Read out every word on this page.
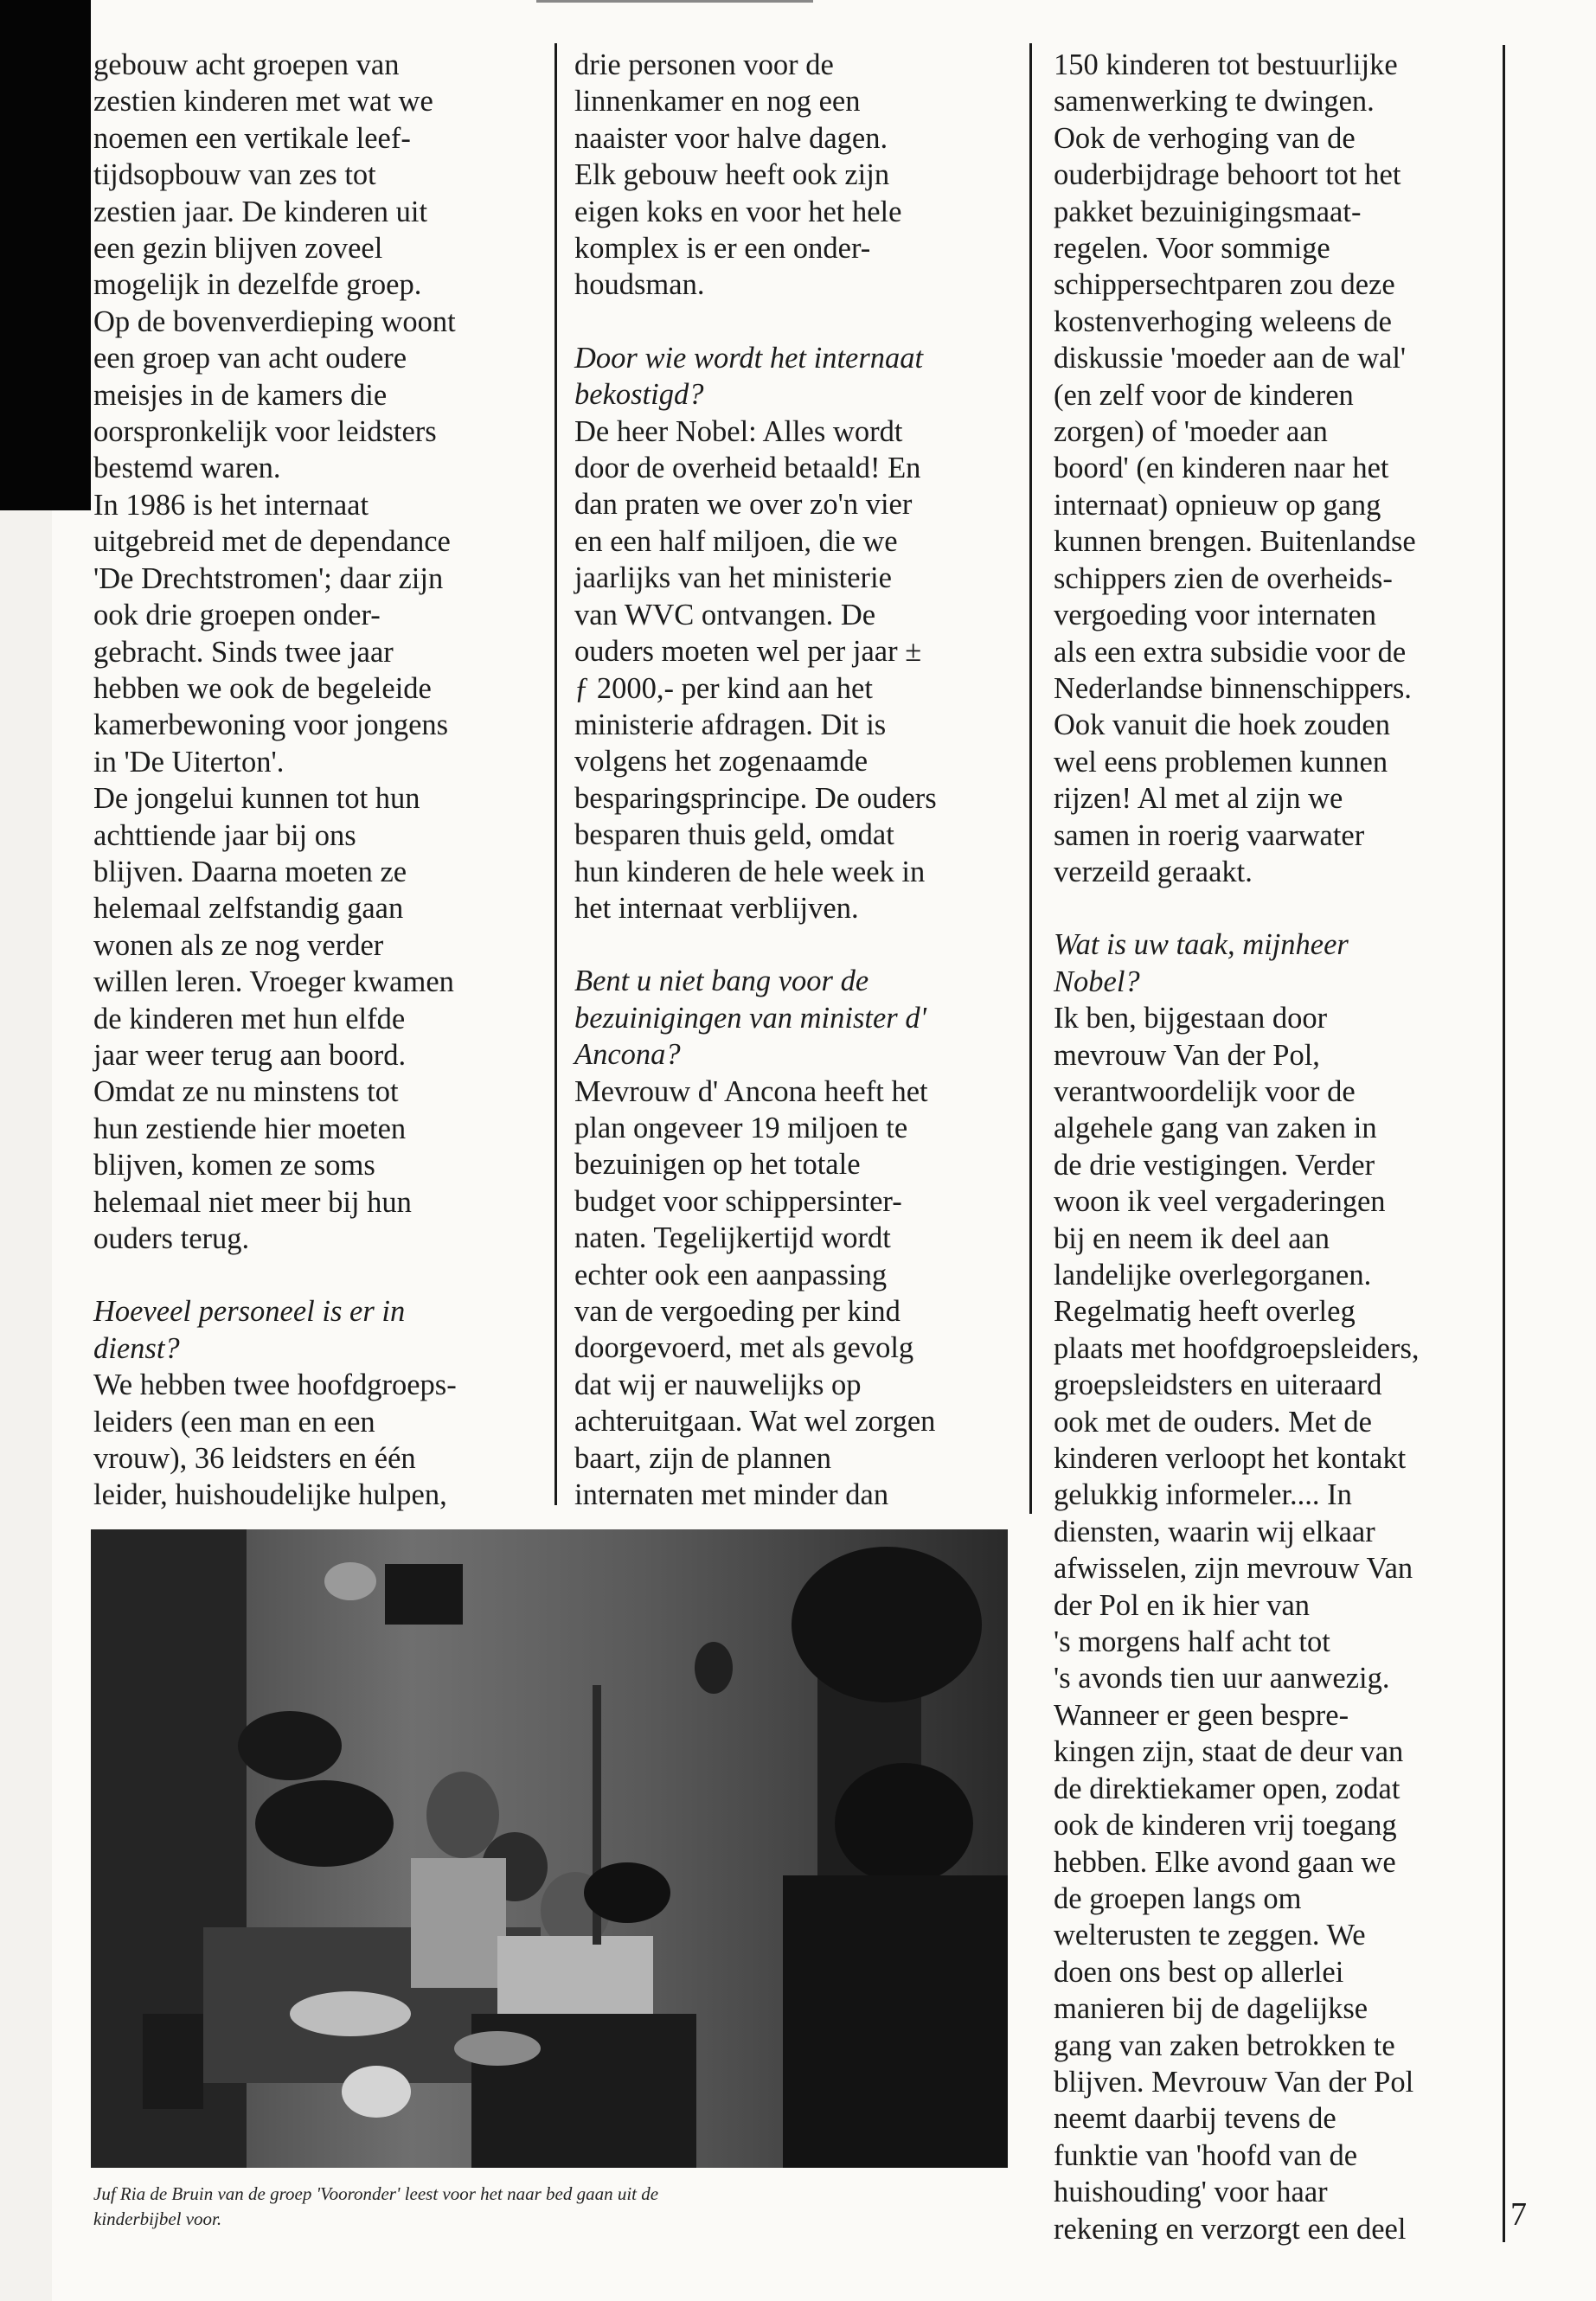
gebouw acht groepen van

zestien kinderen met wat we

noemen een vertikale leef-

tijdsopbouw van zes tot

zestien jaar. De kinderen uit

een gezin blijven zoveel

mogelijk in dezelfde groep.

Op de bovenverdieping woont

een groep van acht oudere

meisjes in de kamers die

oorspronkelijk voor leidsters

bestemd waren.

In 1986 is het internaat

uitgebreid met de dependance

'De Drechtstromen'; daar zijn

ook drie groepen onder-

gebracht. Sinds twee jaar

hebben we ook de begeleide

kamerbewoning voor jongens

in 'De Uiterton'.

De jongelui kunnen tot hun

achttiende jaar bij ons

blijven. Daarna moeten ze

helemaal zelfstandig gaan

wonen als ze nog verder

willen leren. Vroeger kwamen

de kinderen met hun elfde

jaar weer terug aan boord.

Omdat ze nu minstens tot

hun zestiende hier moeten

blijven, komen ze soms

helemaal niet meer bij hun

ouders terug.

Hoeveel personeel is er in

dienst?

We hebben twee hoofdgroeps-

leiders (een man en een

vrouw), 36 leidsters en één

leider, huishoudelijke hulpen,

drie personen voor de

linnenkamer en nog een

naaister voor halve dagen.

Elk gebouw heeft ook zijn

eigen koks en voor het hele

komplex is er een onder-

houdsman.

Door wie wordt het internaat

bekostigd?

De heer Nobel: Alles wordt

door de overheid betaald! En

dan praten we over zo'n vier

en een half miljoen, die we

jaarlijks van het ministerie

van WVC ontvangen. De

ouders moeten wel per jaar ±

ƒ 2000,- per kind aan het

ministerie afdragen. Dit is

volgens het zogenaamde

besparingsprincipe. De ouders

besparen thuis geld, omdat

hun kinderen de hele week in

het internaat verblijven.

Bent u niet bang voor de

bezuinigingen van minister d'

Ancona?

Mevrouw d' Ancona heeft het

plan ongeveer 19 miljoen te

bezuinigen op het totale

budget voor schippersinter-

naten. Tegelijkertijd wordt

echter ook een aanpassing

van de vergoeding per kind

doorgevoerd, met als gevolg

dat wij er nauwelijks op

achteruitgaan. Wat wel zorgen

baart, zijn de plannen

internaten met minder dan

150 kinderen tot bestuurlijke

samenwerking te dwingen.

Ook de verhoging van de

ouderbijdrage behoort tot het

pakket bezuinigingsmaat-

regelen. Voor sommige

schippersechtparen zou deze

kostenverhoging weleens de

diskussie 'moeder aan de wal'

(en zelf voor de kinderen

zorgen) of 'moeder aan

boord' (en kinderen naar het

internaat) opnieuw op gang

kunnen brengen. Buitenlandse

schippers zien de overheids-

vergoeding voor internaten

als een extra subsidie voor de

Nederlandse binnenschippers.

Ook vanuit die hoek zouden

wel eens problemen kunnen

rijzen! Al met al zijn we

samen in roerig vaarwater

verzeild geraakt.

Wat is uw taak, mijnheer

Nobel?

Ik ben, bijgestaan door

mevrouw Van der Pol,

verantwoordelijk voor de

algehele gang van zaken in

de drie vestigingen. Verder

woon ik veel vergaderingen

bij en neem ik deel aan

landelijke overlegorganen.

Regelmatig heeft overleg

plaats met hoofdgroepsleiders,

groepsleidsters en uiteraard

ook met de ouders. Met de

kinderen verloopt het kontakt

gelukkig informeler.... In

diensten, waarin wij elkaar

afwisselen, zijn mevrouw Van

der Pol en ik hier van

's morgens half acht tot

's avonds tien uur aanwezig.

Wanneer er geen bespre-

kingen zijn, staat de deur van

de direktiekamer open, zodat

ook de kinderen vrij toegang

hebben. Elke avond gaan we

de groepen langs om

welterusten te zeggen. We

doen ons best op allerlei

manieren bij de dagelijkse

gang van zaken betrokken te

blijven. Mevrouw Van der Pol

neemt daarbij tevens de

funktie van 'hoofd van de

huishouding' voor haar

rekening en verzorgt een deel

Juf Ria de Bruin van de groep 'Vooronder' leest voor het naar bed gaan uit de
kinderbijbel voor.	7
